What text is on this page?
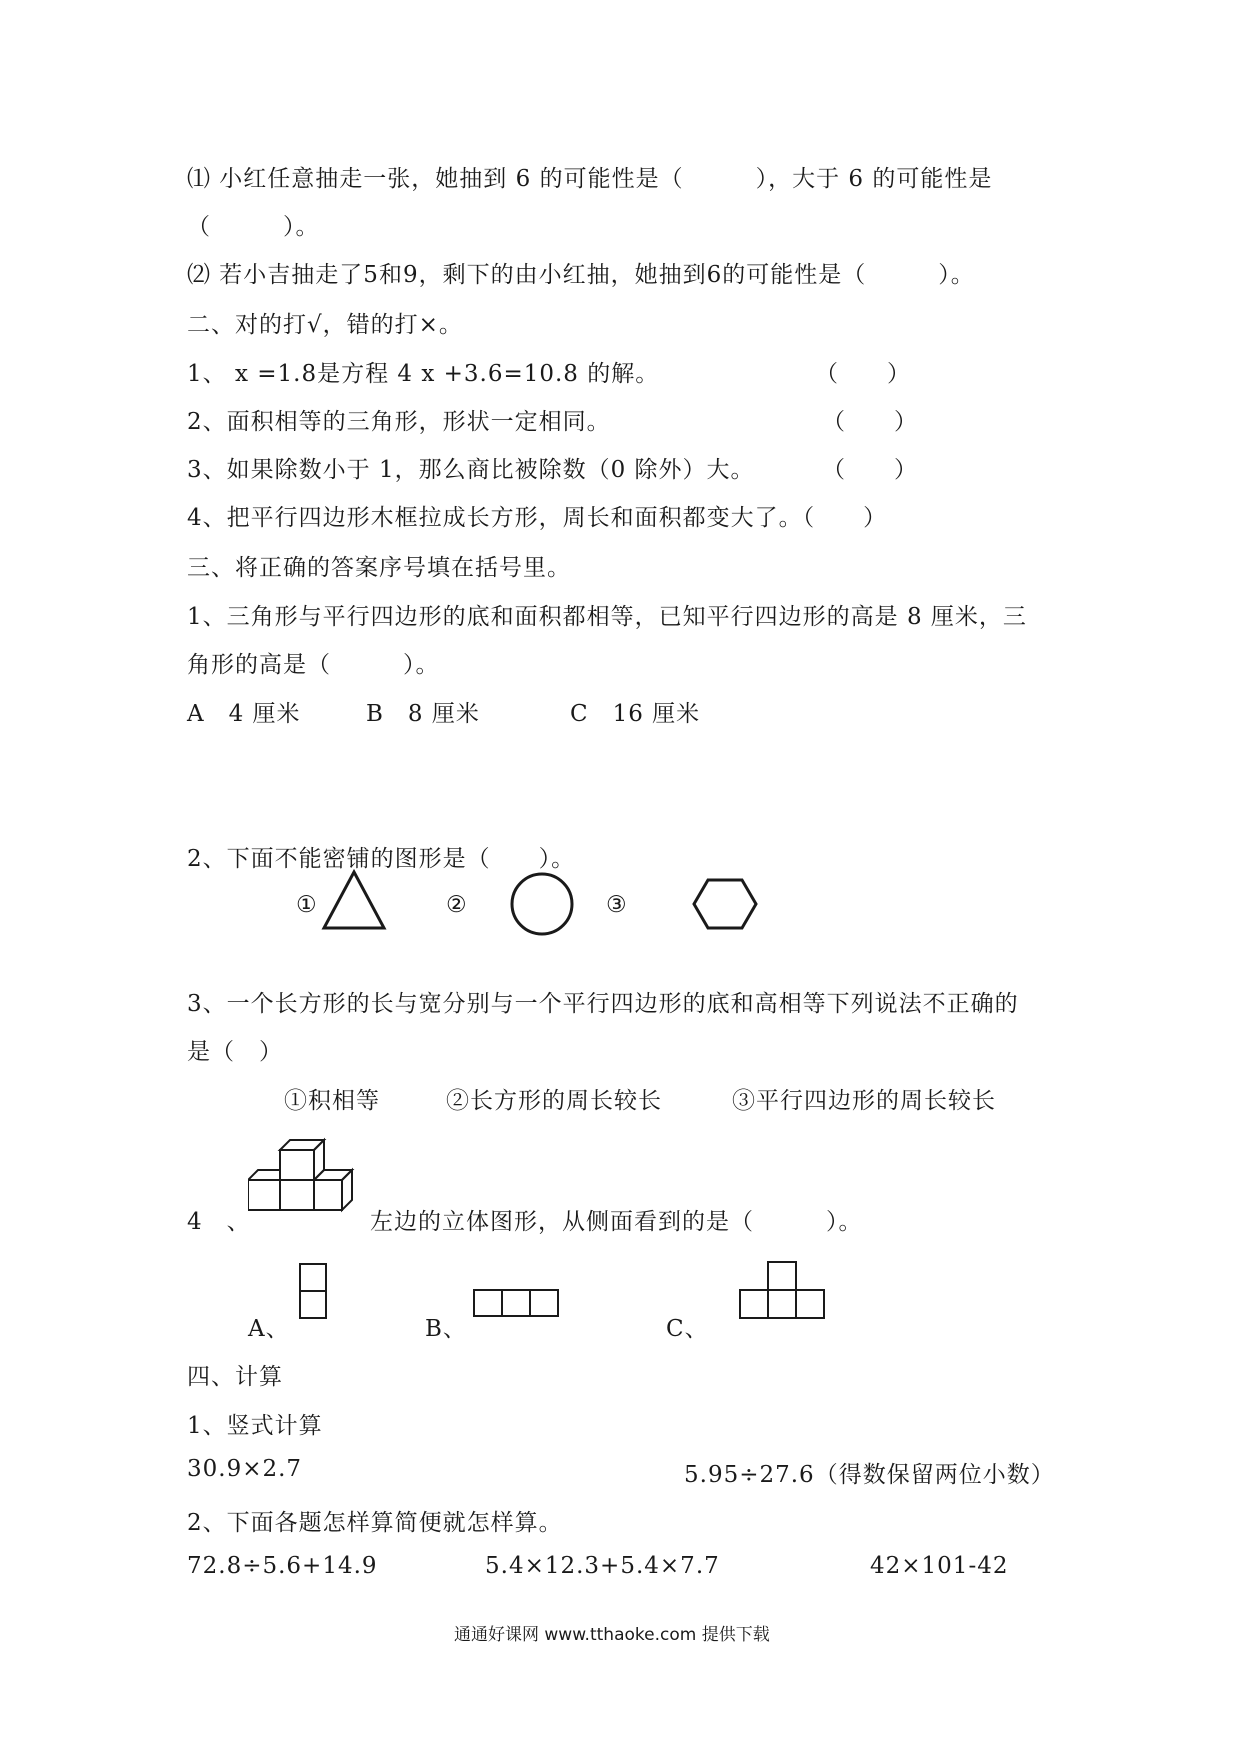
⑴ 小红任意抽走一张，她抽到 6 的可能性是（　　　），大于 6 的可能性是
（　　　）。
⑵ 若小吉抽走了5和9，剩下的由小红抽，她抽到6的可能性是（　　　）。
二、对的打√，错的打×。
1、 x =1.8是方程 4 x +3.6=10.8 的解。	（　　）
2、面积相等的三角形，形状一定相同。	（　　）
3、如果除数小于 1，那么商比被除数（0 除外）大。	（　　）
4、把平行四边形木框拉成长方形，周长和面积都变大了。（　　）
三、将正确的答案序号填在括号里。
1、三角形与平行四边形的底和面积都相等，已知平行四边形的高是 8 厘米，三
角形的高是（　　　）。
A　4 厘米	B　8 厘米	C　16 厘米
2、下面不能密铺的图形是（　　）。
①	②	③
3、一个长方形的长与宽分别与一个平行四边形的底和高相等下列说法不正确的
是（　）
①积相等	②长方形的周长较长	③平行四边形的周长较长
4　、	左边的立体图形，从侧面看到的是（　　　）。
A、	B、	C、
四、计算
1、竖式计算
30.9×2.7	5.95÷27.6（得数保留两位小数）
2、下面各题怎样算简便就怎样算。
72.8÷5.6+14.9	5.4×12.3+5.4×7.7	42×101-42
通通好课网 www.tthaoke.com 提供下载
